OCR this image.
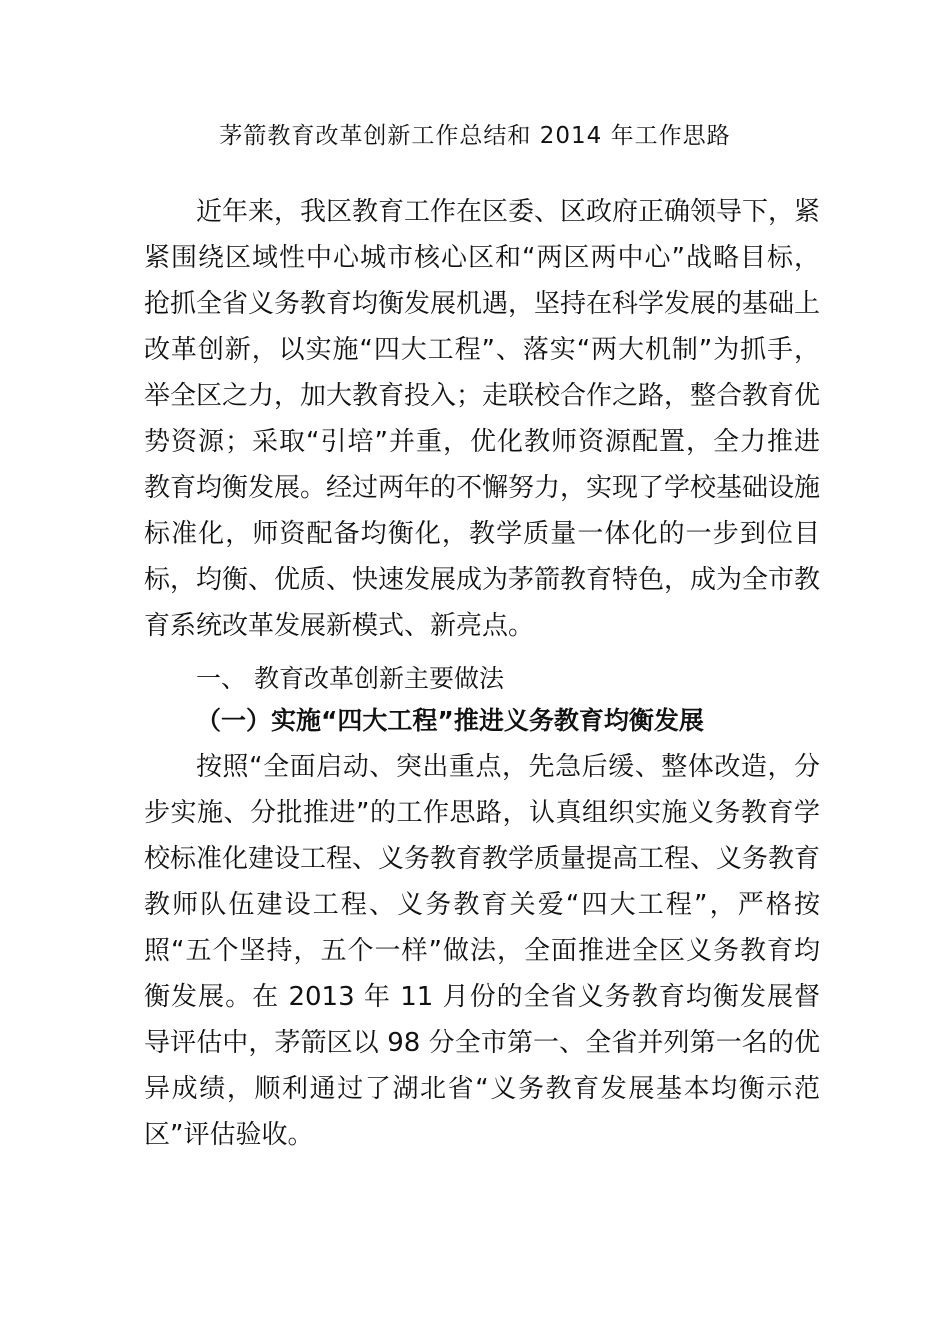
茅箭教育改革创新工作总结和 2014 年工作思路

近年来，我区教育工作在区委、区政府正确领导下，紧紧围绕区域性中心城市核心区和“两区两中心”战略目标，抢抓全省义务教育均衡发展机遇，坚持在科学发展的基础上改革创新，以实施“四大工程”、落实“两大机制”为抓手，举全区之力，加大教育投入；走联校合作之路，整合教育优势资源；采取“引培”并重，优化教师资源配置，全力推进教育均衡发展。经过两年的不懈努力，实现了学校基础设施标准化，师资配备均衡化，教学质量一体化的一步到位目标，均衡、优质、快速发展成为茅箭教育特色，成为全市教育系统改革发展新模式、新亮点。

一、 教育改革创新主要做法

（一）实施“四大工程”推进义务教育均衡发展

按照“全面启动、突出重点，先急后缓、整体改造，分步实施、分批推进”的工作思路，认真组织实施义务教育学校标准化建设工程、义务教育教学质量提高工程、义务教育教师队伍建设工程、义务教育关爱“四大工程”，严格按照“五个坚持，五个一样”做法，全面推进全区义务教育均衡发展。在 2013 年 11 月份的全省义务教育均衡发展督导评估中，茅箭区以 98 分全市第一、全省并列第一名的优异成绩，顺利通过了湖北省“义务教育发展基本均衡示范区”评估验收。
